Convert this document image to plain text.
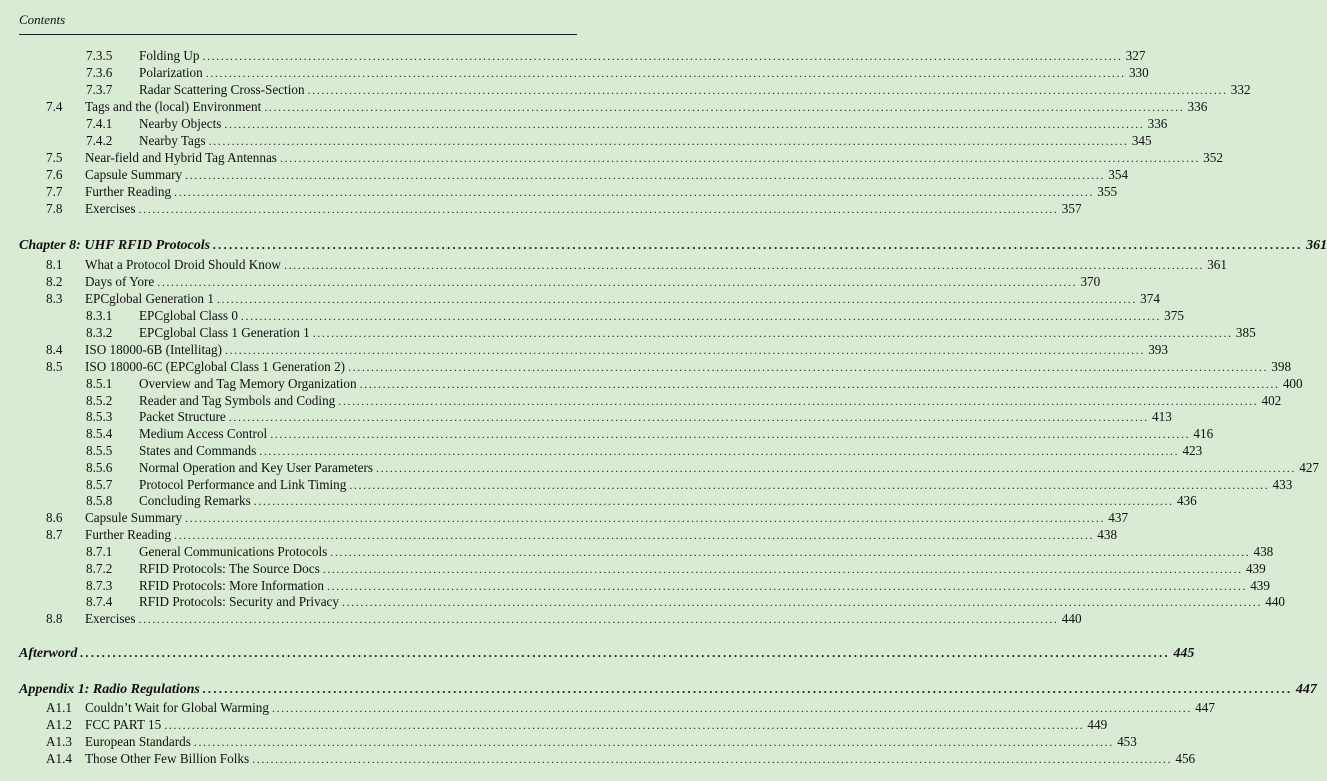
Contents
7.3.5	Folding Up ........................................................................................................................................................................................................ 327
7.3.6	Polarization ........................................................................................................................................................................................................ 330
7.3.7	Radar Scattering Cross-Section ........................................................................................................................................................................................................ 332
7.4	Tags and the (local) Environment ........................................................................................................................................................................................................ 336
7.4.1	Nearby Objects ........................................................................................................................................................................................................ 336
7.4.2	Nearby Tags ........................................................................................................................................................................................................ 345
7.5	Near-field and Hybrid Tag Antennas ........................................................................................................................................................................................................ 352
7.6	Capsule Summary ........................................................................................................................................................................................................ 354
7.7	Further Reading ........................................................................................................................................................................................................ 355
7.8	Exercises ........................................................................................................................................................................................................ 357
Chapter 8: UHF RFID Protocols ........................................................................................................................................................................................................ 361
8.1	What a Protocol Droid Should Know ........................................................................................................................................................................................................ 361
8.2	Days of Yore ........................................................................................................................................................................................................ 370
8.3	EPCglobal Generation 1 ........................................................................................................................................................................................................ 374
8.3.1	EPCglobal Class 0 ........................................................................................................................................................................................................ 375
8.3.2	EPCglobal Class 1 Generation 1 ........................................................................................................................................................................................................ 385
8.4	ISO 18000-6B (Intellitag) ........................................................................................................................................................................................................ 393
8.5	ISO 18000-6C (EPCglobal Class 1 Generation 2) ........................................................................................................................................................................................................ 398
8.5.1	Overview and Tag Memory Organization ........................................................................................................................................................................................................ 400
8.5.2	Reader and Tag Symbols and Coding ........................................................................................................................................................................................................ 402
8.5.3	Packet Structure ........................................................................................................................................................................................................ 413
8.5.4	Medium Access Control ........................................................................................................................................................................................................ 416
8.5.5	States and Commands ........................................................................................................................................................................................................ 423
8.5.6	Normal Operation and Key User Parameters ........................................................................................................................................................................................................ 427
8.5.7	Protocol Performance and Link Timing ........................................................................................................................................................................................................ 433
8.5.8	Concluding Remarks ........................................................................................................................................................................................................ 436
8.6	Capsule Summary ........................................................................................................................................................................................................ 437
8.7	Further Reading ........................................................................................................................................................................................................ 438
8.7.1	General Communications Protocols ........................................................................................................................................................................................................ 438
8.7.2	RFID Protocols: The Source Docs ........................................................................................................................................................................................................ 439
8.7.3	RFID Protocols: More Information ........................................................................................................................................................................................................ 439
8.7.4	RFID Protocols: Security and Privacy ........................................................................................................................................................................................................ 440
8.8	Exercises ........................................................................................................................................................................................................ 440
Afterword ........................................................................................................................................................................................................ 445
Appendix 1: Radio Regulations ........................................................................................................................................................................................................ 447
A1.1 Couldn’t Wait for Global Warming ........................................................................................................................................................................................................ 447
A1.2 FCC PART 15 ........................................................................................................................................................................................................ 449
A1.3 European Standards ........................................................................................................................................................................................................ 453
A1.4 Those Other Few Billion Folks ........................................................................................................................................................................................................ 456
